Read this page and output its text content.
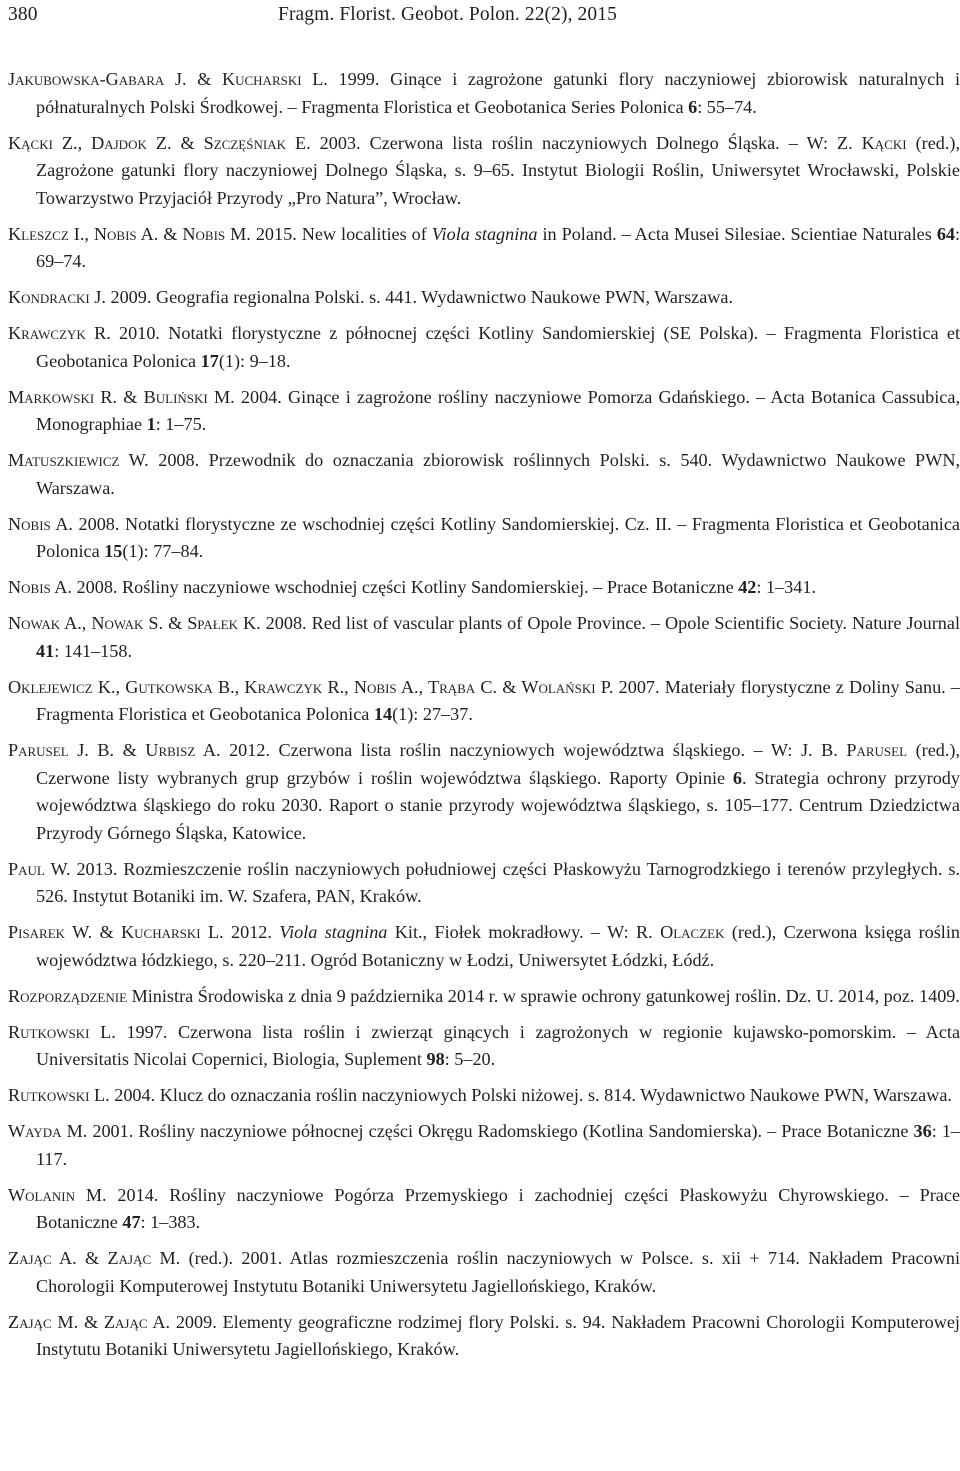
380	Fragm. Florist. Geobot. Polon. 22(2), 2015
Jakubowska-Gabara J. & Kucharski L. 1999. Ginące i zagrożone gatunki flory naczyniowej zbiorowisk naturalnych i półnaturalnych Polski Środkowej. – Fragmenta Floristica et Geobotanica Series Polonica 6: 55–74.
Kącki Z., Dajdok Z. & Szczęśniak E. 2003. Czerwona lista roślin naczyniowych Dolnego Śląska. – W: Z. Kącki (red.), Zagrożone gatunki flory naczyniowej Dolnego Śląska, s. 9–65. Instytut Biologii Roślin, Uniwersytet Wrocławski, Polskie Towarzystwo Przyjaciół Przyrody „Pro Natura”, Wrocław.
Kleszcz I., Nobis A. & Nobis M. 2015. New localities of Viola stagnina in Poland. – Acta Musei Silesiae. Scientiae Naturales 64: 69–74.
Kondracki J. 2009. Geografia regionalna Polski. s. 441. Wydawnictwo Naukowe PWN, Warszawa.
Krawczyk R. 2010. Notatki florystyczne z północnej części Kotliny Sandomierskiej (SE Polska). – Fragmenta Floristica et Geobotanica Polonica 17(1): 9–18.
Markowski R. & Buliński M. 2004. Ginące i zagrożone rośliny naczyniowe Pomorza Gdańskiego. – Acta Botanica Cassubica, Monographiae 1: 1–75.
Matuszkiewicz W. 2008. Przewodnik do oznaczania zbiorowisk roślinnych Polski. s. 540. Wydawnictwo Naukowe PWN, Warszawa.
Nobis A. 2008. Notatki florystyczne ze wschodniej części Kotliny Sandomierskiej. Cz. II. – Fragmenta Floristica et Geobotanica Polonica 15(1): 77–84.
Nobis A. 2008. Rośliny naczyniowe wschodniej części Kotliny Sandomierskiej. – Prace Botaniczne 42: 1–341.
Nowak A., Nowak S. & Spałek K. 2008. Red list of vascular plants of Opole Province. – Opole Scientific Society. Nature Journal 41: 141–158.
Oklejewicz K., Gutkowska B., Krawczyk R., Nobis A., Trąba C. & Wolański P. 2007. Materiały florystyczne z Doliny Sanu. – Fragmenta Floristica et Geobotanica Polonica 14(1): 27–37.
Parusel J. B. & Urbisz A. 2012. Czerwona lista roślin naczyniowych województwa śląskiego. – W: J. B. Parusel (red.), Czerwone listy wybranych grup grzybów i roślin województwa śląskiego. Raporty Opinie 6. Strategia ochrony przyrody województwa śląskiego do roku 2030. Raport o stanie przyrody województwa śląskiego, s. 105–177. Centrum Dziedzictwa Przyrody Górnego Śląska, Katowice.
Paul W. 2013. Rozmieszczenie roślin naczyniowych południowej części Płaskowyżu Tarnogrodzkiego i terenów przyległych. s. 526. Instytut Botaniki im. W. Szafera, PAN, Kraków.
Pisarek W. & Kucharski L. 2012. Viola stagnina Kit., Fiołek mokradłowy. – W: R. Olaczek (red.), Czerwona księga roślin województwa łódzkiego, s. 220–211. Ogród Botaniczny w Łodzi, Uniwersytet Łódzki, Łódź.
Rozporządzenie Ministra Środowiska z dnia 9 października 2014 r. w sprawie ochrony gatunkowej roślin. Dz. U. 2014, poz. 1409.
Rutkowski L. 1997. Czerwona lista roślin i zwierząt ginących i zagrożonych w regionie kujawsko-pomorskim. – Acta Universitatis Nicolai Copernici, Biologia, Suplement 98: 5–20.
Rutkowski L. 2004. Klucz do oznaczania roślin naczyniowych Polski niżowej. s. 814. Wydawnictwo Naukowe PWN, Warszawa.
Wayda M. 2001. Rośliny naczyniowe północnej części Okręgu Radomskiego (Kotlina Sandomierska). – Prace Botaniczne 36: 1–117.
Wolanin M. 2014. Rośliny naczyniowe Pogórza Przemyskiego i zachodniej części Płaskowyżu Chyrowskiego. – Prace Botaniczne 47: 1–383.
Zając A. & Zając M. (red.). 2001. Atlas rozmieszczenia roślin naczyniowych w Polsce. s. xii + 714. Nakładem Pracowni Chorologii Komputerowej Instytutu Botaniki Uniwersytetu Jagiellońskiego, Kraków.
Zając M. & Zając A. 2009. Elementy geograficzne rodzimej flory Polski. s. 94. Nakładem Pracowni Chorologii Komputerowej Instytutu Botaniki Uniwersytetu Jagiellońskiego, Kraków.
